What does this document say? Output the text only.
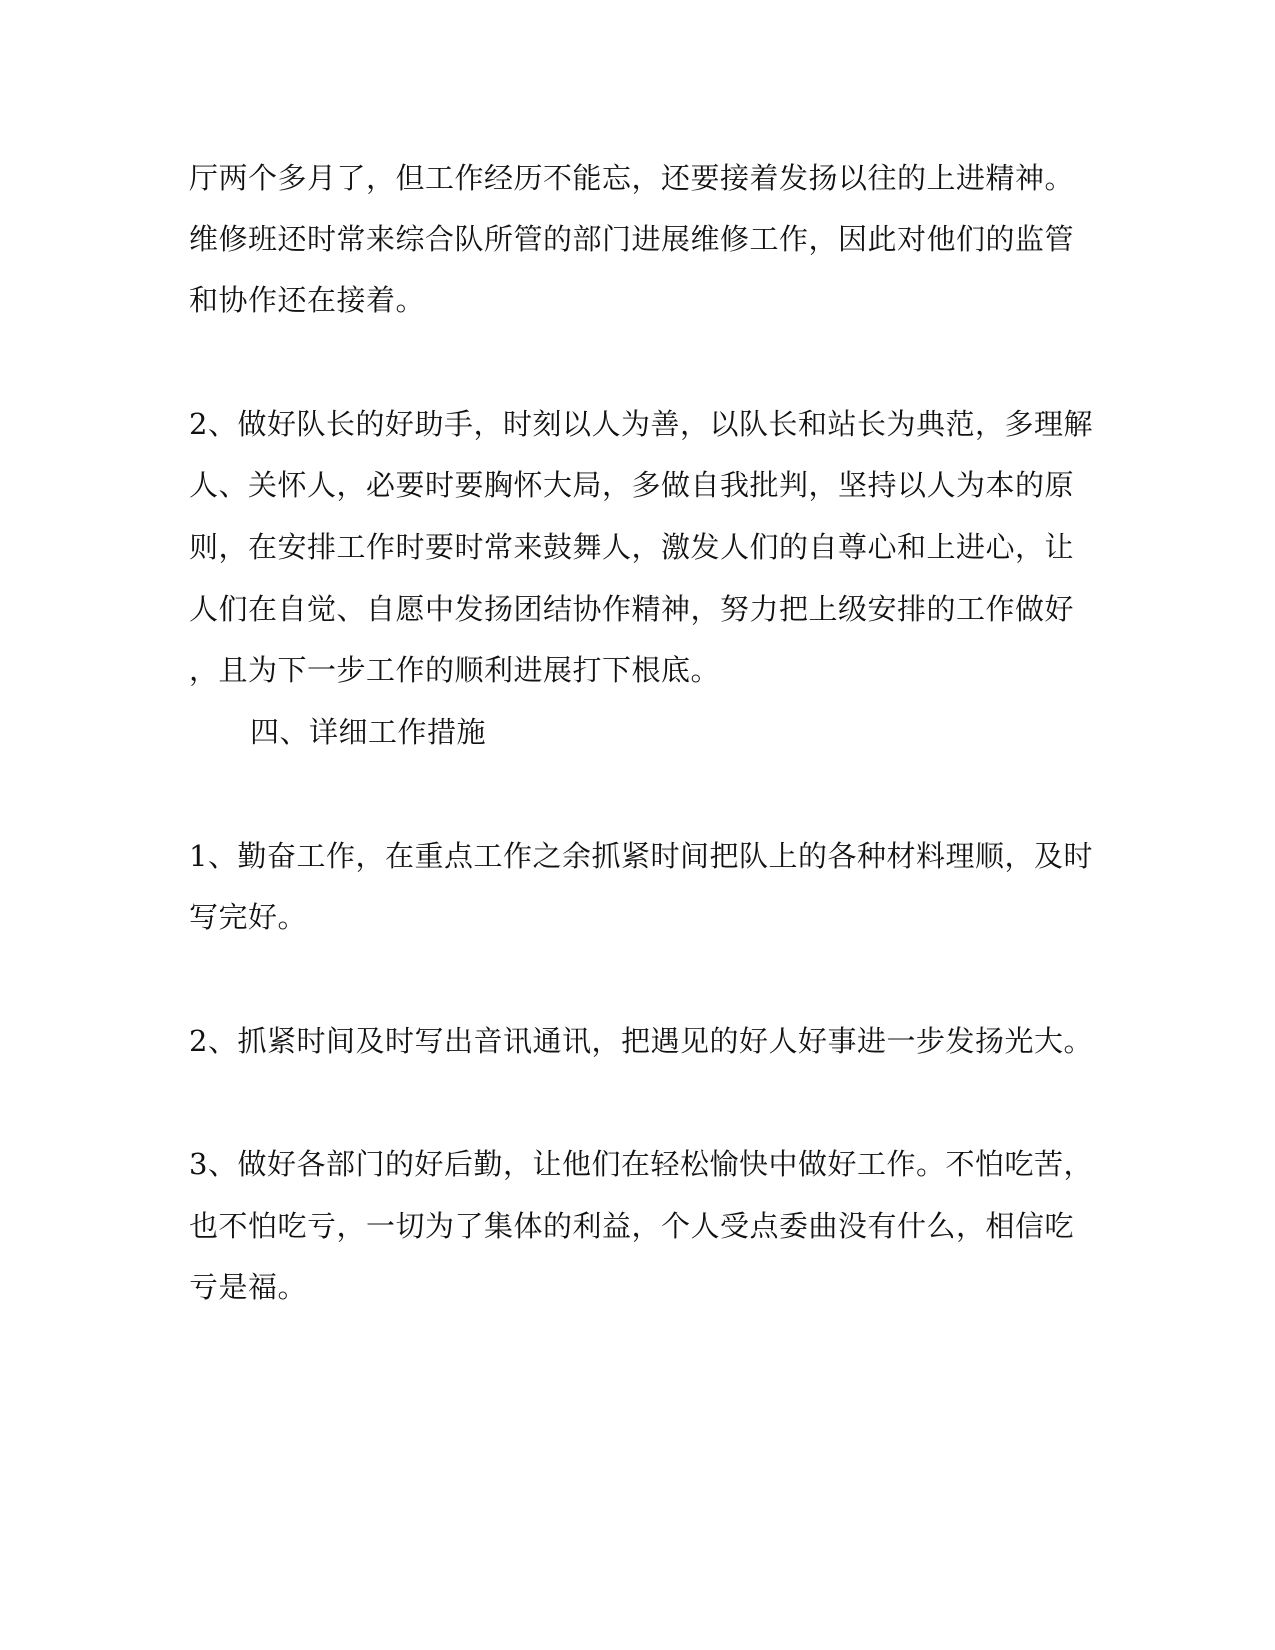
厅两个多月了，但工作经历不能忘，还要接着发扬以往的上进精神。
维修班还时常来综合队所管的部门进展维修工作，因此对他们的监管
和协作还在接着。
2、做好队长的好助手，时刻以人为善，以队长和站长为典范，多理解
人、关怀人，必要时要胸怀大局，多做自我批判，坚持以人为本的原
则，在安排工作时要时常来鼓舞人，激发人们的自尊心和上进心，让
人们在自觉、自愿中发扬团结协作精神，努力把上级安排的工作做好
，且为下一步工作的顺利进展打下根底。
四、详细工作措施
1、勤奋工作，在重点工作之余抓紧时间把队上的各种材料理顺，及时
写完好。
2、抓紧时间及时写出音讯通讯，把遇见的好人好事进一步发扬光大。
3、做好各部门的好后勤，让他们在轻松愉快中做好工作。不怕吃苦，
也不怕吃亏，一切为了集体的利益，个人受点委曲没有什么，相信吃
亏是福。
